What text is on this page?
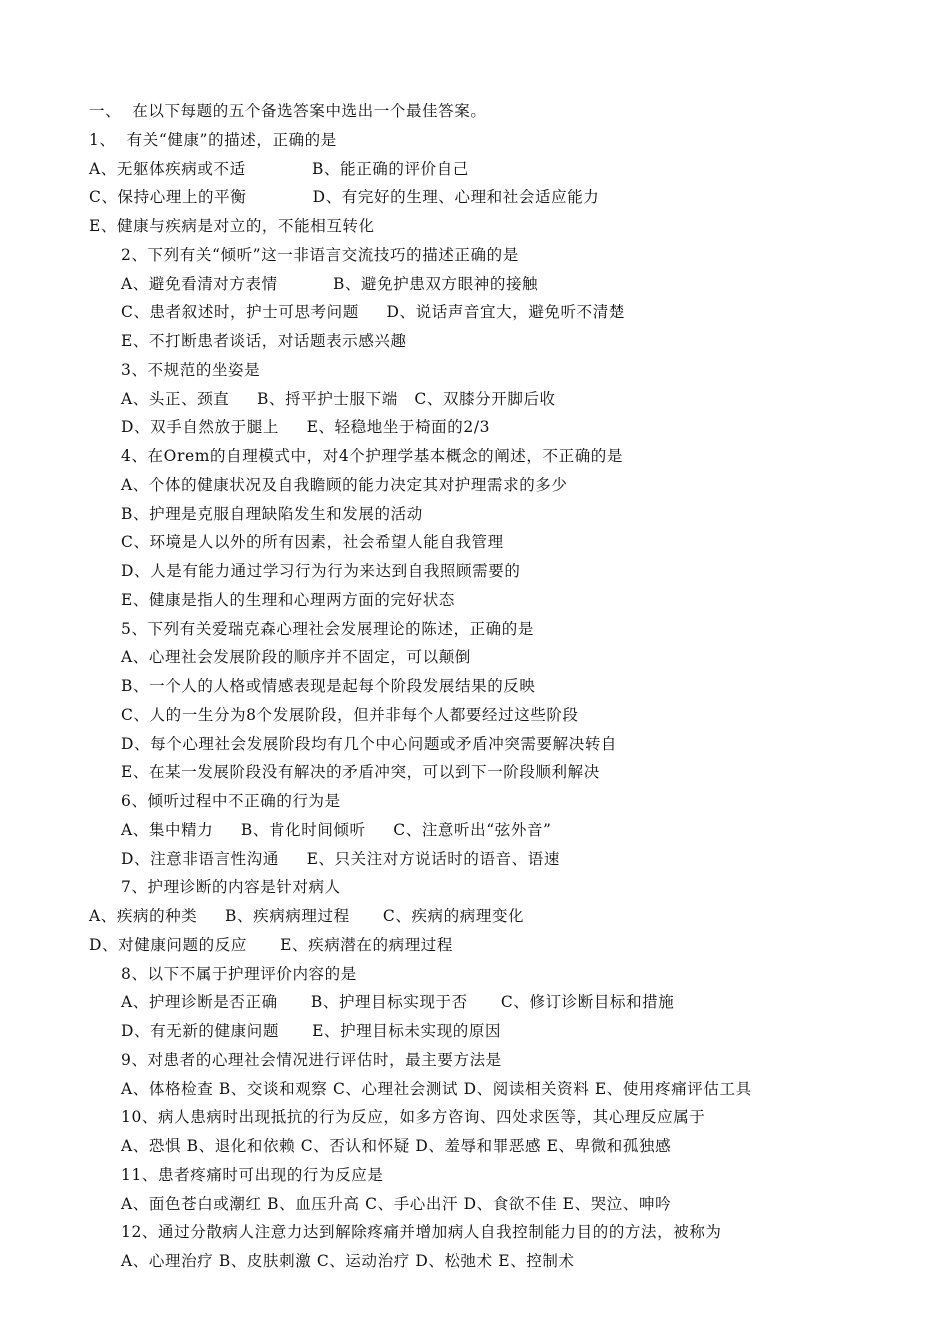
一、  在以下每题的五个备选答案中选出一个最佳答案。
1、  有关“健康”的描述，正确的是
A、无躯体疾病或不适            B、能正确的评价自己
C、保持心理上的平衡            D、有完好的生理、心理和社会适应能力
E、健康与疾病是对立的，不能相互转化
2、下列有关“倾听”这一非语言交流技巧的描述正确的是
A、避免看清对方表情          B、避免护患双方眼神的接触
C、患者叙述时，护士可思考问题     D、说话声音宜大，避免听不清楚
E、不打断患者谈话，对话题表示感兴趣
3、不规范的坐姿是
A、头正、颈直     B、捋平护士服下端   C、双膝分开脚后收
D、双手自然放于腿上     E、轻稳地坐于椅面的2/3
4、在Orem的自理模式中，对4个护理学基本概念的阐述，不正确的是
A、个体的健康状况及自我瞻顾的能力决定其对护理需求的多少
B、护理是克服自理缺陷发生和发展的活动
C、环境是人以外的所有因素，社会希望人能自我管理
D、人是有能力通过学习行为行为来达到自我照顾需要的
E、健康是指人的生理和心理两方面的完好状态
5、下列有关爱瑞克森心理社会发展理论的陈述，正确的是
A、心理社会发展阶段的顺序并不固定，可以颠倒
B、一个人的人格或情感表现是起每个阶段发展结果的反映
C、人的一生分为8个发展阶段，但并非每个人都要经过这些阶段
D、每个心理社会发展阶段均有几个中心问题或矛盾冲突需要解决转自
E、在某一发展阶段没有解决的矛盾冲突，可以到下一阶段顺利解决
6、倾听过程中不正确的行为是
A、集中精力     B、肯化时间倾听     C、注意听出“弦外音”
D、注意非语言性沟通     E、只关注对方说话时的语音、语速
7、护理诊断的内容是针对病人
A、疾病的种类     B、疾病病理过程      C、疾病的病理变化
D、对健康问题的反应      E、疾病潜在的病理过程
8、以下不属于护理评价内容的是
A、护理诊断是否正确      B、护理目标实现于否      C、修订诊断目标和措施
D、有无新的健康问题      E、护理目标未实现的原因
9、对患者的心理社会情况进行评估时，最主要方法是
A、体格检查 B、交谈和观察 C、心理社会测试 D、阅读相关资料 E、使用疼痛评估工具
10、病人患病时出现抵抗的行为反应，如多方咨询、四处求医等，其心理反应属于
A、恐惧 B、退化和依赖 C、否认和怀疑 D、羞辱和罪恶感 E、卑微和孤独感
11、患者疼痛时可出现的行为反应是
A、面色苍白或潮红 B、血压升高 C、手心出汗 D、食欲不佳 E、哭泣、呻吟
12、通过分散病人注意力达到解除疼痛并增加病人自我控制能力目的的方法，被称为
A、心理治疗 B、皮肤刺激 C、运动治疗 D、松弛术 E、控制术
